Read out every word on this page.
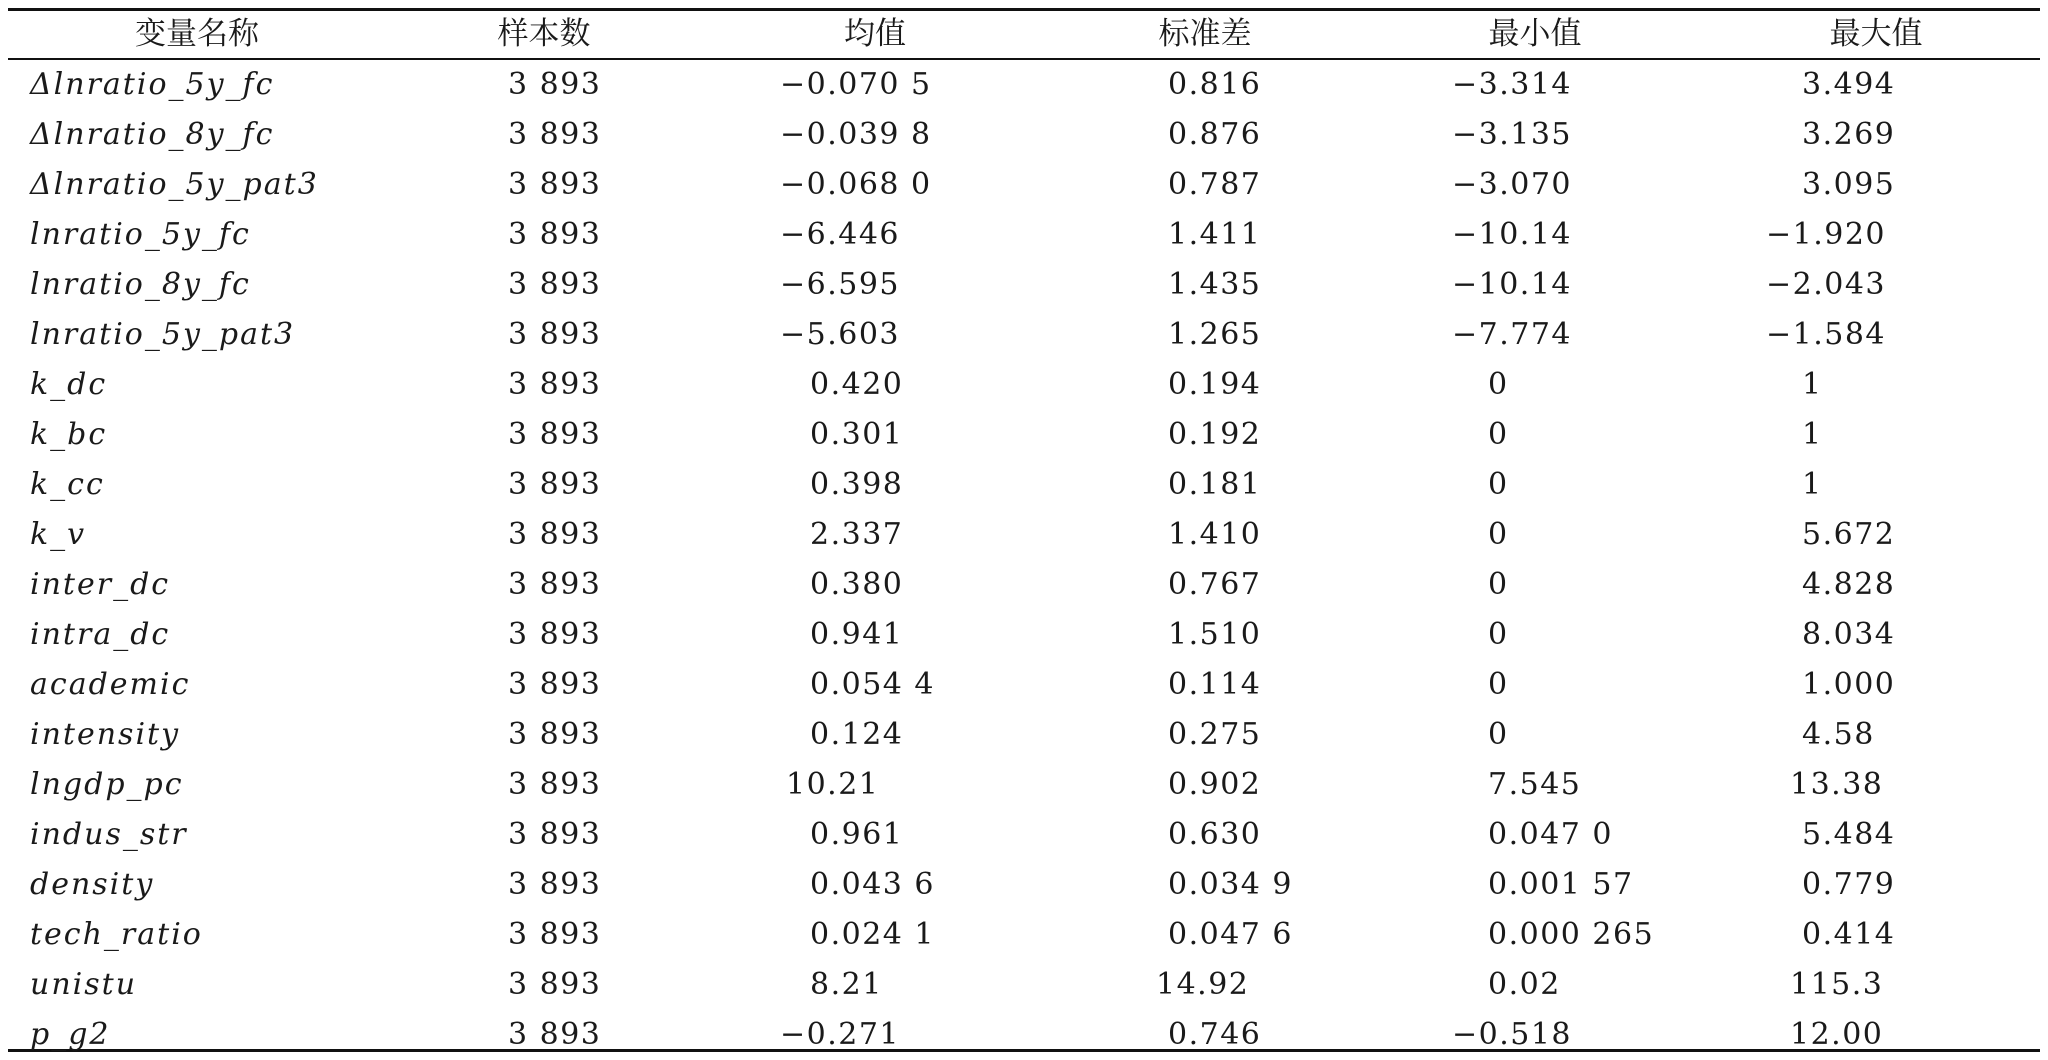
变量名称	样本数	均值	标准差	最小值	最大值
Δlnratio_5y_fc	3 893	−0.070 5	0.816	−3.314	3.494
Δlnratio_8y_fc	3 893	−0.039 8	0.876	−3.135	3.269
Δlnratio_5y_pat3	3 893	−0.068 0	0.787	−3.070	3.095
lnratio_5y_fc	3 893	−6.446	1.411	−10.14	−1.920
lnratio_8y_fc	3 893	−6.595	1.435	−10.14	−2.043
lnratio_5y_pat3	3 893	−5.603	1.265	−7.774	−1.584
k_dc	3 893	0.420	0.194	0	1
k_bc	3 893	0.301	0.192	0	1
k_cc	3 893	0.398	0.181	0	1
k_v	3 893	2.337	1.410	0	5.672
inter_dc	3 893	0.380	0.767	0	4.828
intra_dc	3 893	0.941	1.510	0	8.034
academic	3 893	0.054 4	0.114	0	1.000
intensity	3 893	0.124	0.275	0	4.58
lngdp_pc	3 893	10.21	0.902	7.545	13.38
indus_str	3 893	0.961	0.630	0.047 0	5.484
density	3 893	0.043 6	0.034 9	0.001 57	0.779
tech_ratio	3 893	0.024 1	0.047 6	0.000 265	0.414
unistu	3 893	8.21	14.92	0.02	115.3
p_g2	3 893	−0.271	0.746	−0.518	12.00
